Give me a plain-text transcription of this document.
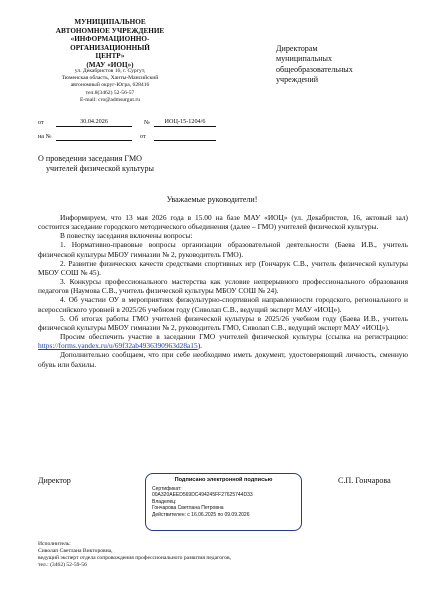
МУНИЦИПАЛЬНОЕ
АВТОНОМНОЕ УЧРЕЖДЕНИЕ
«ИНФОРМАЦИОННО-ОРГАНИЗАЦИОННЫЙ
ЦЕНТР»
(МАУ «ИОЦ»)
ул. Декабристов 16, г. Сургут,
Тюменская область, Ханты-Мансийский
автономный округ-Югра, 628416
тел.8(3462) 52-56-57
E-mail: cro@admsurgut.ru
от	30.04.2026	№	ИОЦ-15-1204/6
на №	от
Директорам
муниципальных
общеобразовательных
учреждений
О проведении заседания ГМО
учителей физической культуры
Уважаемые руководители!

Информируем, что 13 мая 2026 года в 15.00 на базе МАУ «ИОЦ» (ул. Декабристов, 16, актовый зал) состоится заседание городского методического объединения (далее – ГМО) учителей физической культуры.

В повестку заседания включены вопросы:

1. Нормативно-правовые вопросы организации образовательной деятельности (Баева И.В., учитель физической культуры МБОУ гимназии № 2, руководитель ГМО).

2. Развитие физических качеств средствами спортивных игр (Гончарук С.В., учитель физической культуры МБОУ СОШ № 45).

3. Конкурсы профессионального мастерства как условие непрерывного профессионального образования педагогов (Наумова С.В., учитель физической культуры МБОУ СОШ № 24).

4. Об участии ОУ в мероприятиях физкультурно-спортивной направленности городского, регионального и всероссийского уровней в 2025/26 учебном году (Сиволап С.В., ведущий эксперт МАУ «ИОЦ»).

5. Об итогах работы ГМО учителей физической культуры в 2025/26 учебном году (Баева И.В., учитель физической культуры МБОУ гимназии № 2, руководитель ГМО, Сиволап С.В., ведущий эксперт МАУ «ИОЦ»).

Просим обеспечить участие в заседании ГМО учителей физической культуры (ссылка на регистрацию: https://forms.yandex.ru/u/69f32ab4936390963d28a15).

Дополнительно сообщаем, что при себе необходимо иметь документ, удостоверяющий личность, сменную обувь или бахилы.

Директор	С.П. Гончарова
Подписано электронной подписью
Сертификат:
00A320AEED569DC494245FF27625744D33
Владелец:
Гончарова Светлана Петровна
Действителен: с 16.06.2025 по 09.09.2026
Исполнитель:
Сиволап Светлана Викторовна,
ведущий эксперт отдела сопровождения профессионального развития педагогов,
тел.: (3462) 52-59-56
